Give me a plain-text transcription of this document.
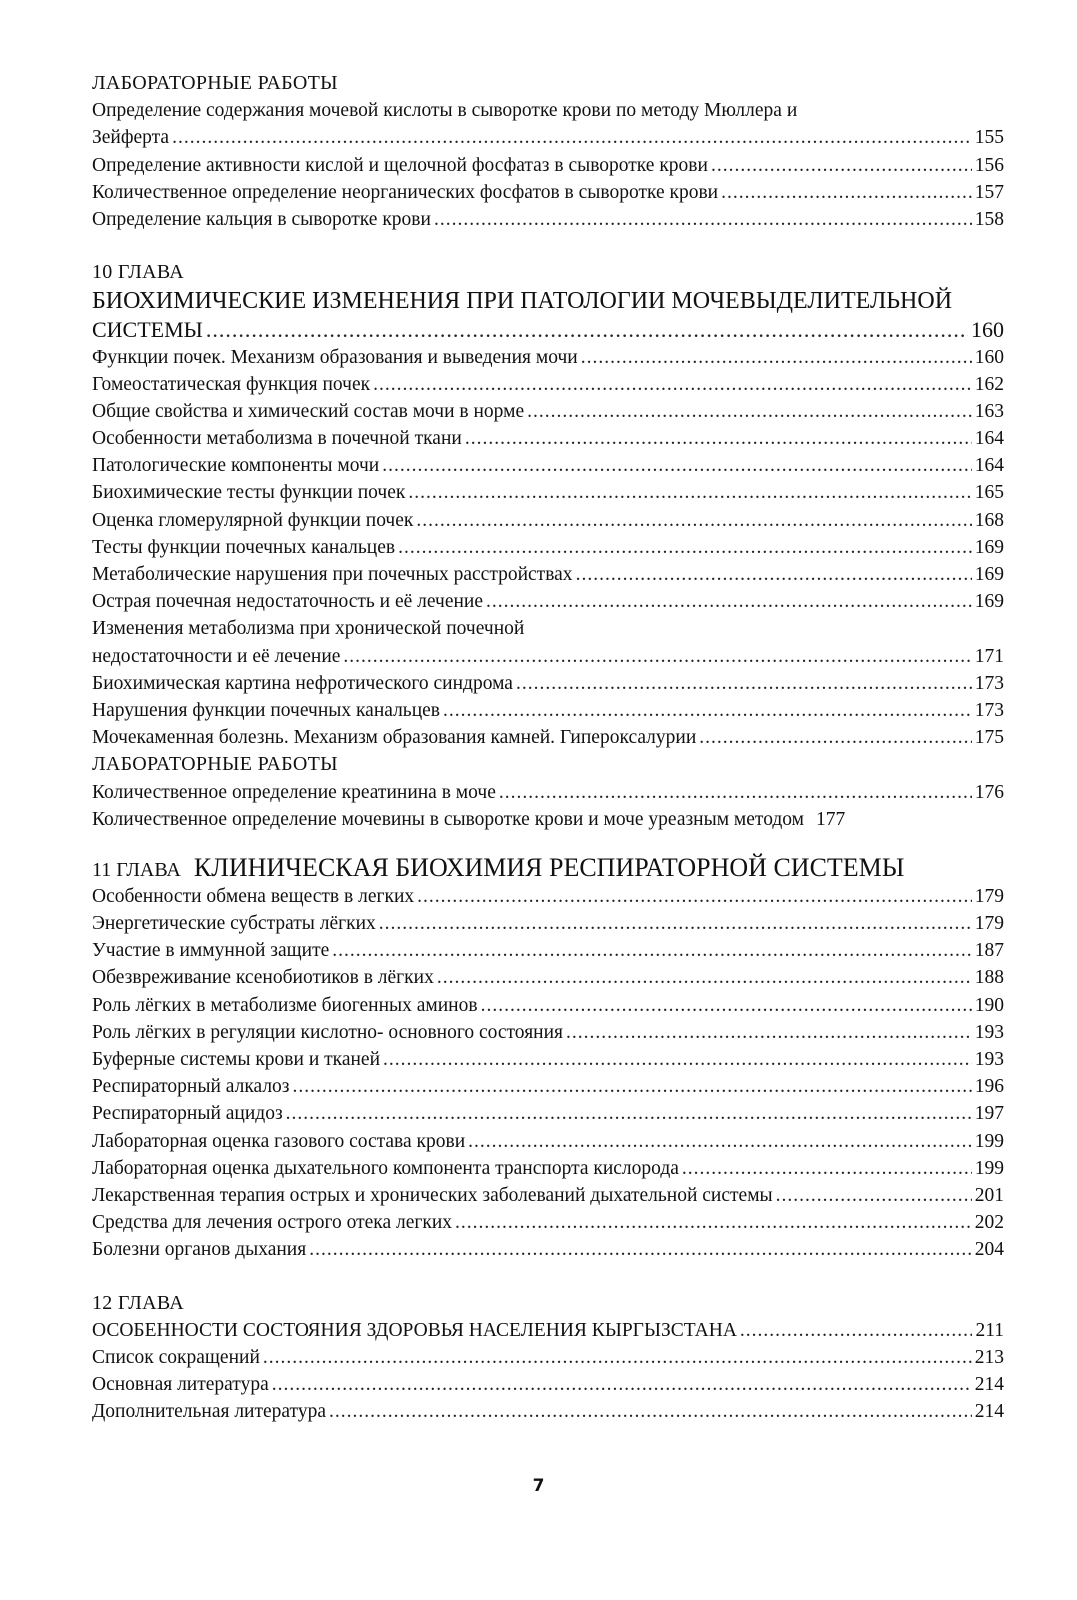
ЛАБОРАТОРНЫЕ РАБОТЫ
Определение содержания мочевой кислоты в сыворотке крови по методу Мюллера и
Зейферта .....	155
Определение активности кислой и щелочной фосфатаз в сыворотке крови .....	156
Количественное определение неорганических фосфатов в сыворотке крови .....	157
Определение кальция в сыворотке крови .....	158
10 ГЛАВА
БИОХИМИЧЕСКИЕ ИЗМЕНЕНИЯ ПРИ ПАТОЛОГИИ МОЧЕВЫДЕЛИТЕЛЬНОЙ
СИСТЕМЫ .....	160
Функции почек. Механизм образования и выведения мочи .....	160
Гомеостатическая функция почек .....	162
Общие свойства и химический состав мочи в норме .....	163
Особенности метаболизма в почечной ткани .....	164
Патологические компоненты мочи .....	164
Биохимические тесты функции почек .....	165
Оценка гломерулярной функции почек .....	168
Тесты функции почечных канальцев .....	169
Метаболические нарушения при почечных расстройствах .....	169
Острая почечная недостаточность и её лечение .....	169
Изменения метаболизма при хронической почечной
недостаточности и её лечение .....	171
Биохимическая картина нефротического синдрома .....	173
Нарушения функции почечных канальцев .....	173
Мочекаменная болезнь. Механизм образования камней. Гипероксалурии .....	175
ЛАБОРАТОРНЫЕ РАБОТЫ
Количественное определение креатинина в моче .....	176
Количественное определение мочевины в сыворотке крови и моче уреазным методом 177
11 ГЛАВА КЛИНИЧЕСКАЯ БИОХИМИЯ РЕСПИРАТОРНОЙ СИСТЕМЫ
Особенности обмена веществ в легких .....	179
Энергетические субстраты лёгких .....	179
Участие в иммунной защите .....	187
Обезвреживание ксенобиотиков в лёгких .....	188
Роль лёгких в метаболизме биогенных аминов .....	190
Роль лёгких в регуляции кислотно- основного состояния .....	193
Буферные системы крови и тканей .....	193
Респираторный алкалоз .....	196
Респираторный ацидоз .....	197
Лабораторная оценка газового состава крови .....	199
Лабораторная оценка дыхательного компонента транспорта кислорода .....	199
Лекарственная терапия острых и хронических заболеваний дыхательной системы .....	201
Средства для лечения острого отека легких .....	202
Болезни органов дыхания .....	204
12 ГЛАВА
ОСОБЕННОСТИ СОСТОЯНИЯ ЗДОРОВЬЯ НАСЕЛЕНИЯ КЫРГЫЗСТАНА .....	211
Список сокращений .....	213
Основная литература .....	214
Дополнительная литература .....	214
7
